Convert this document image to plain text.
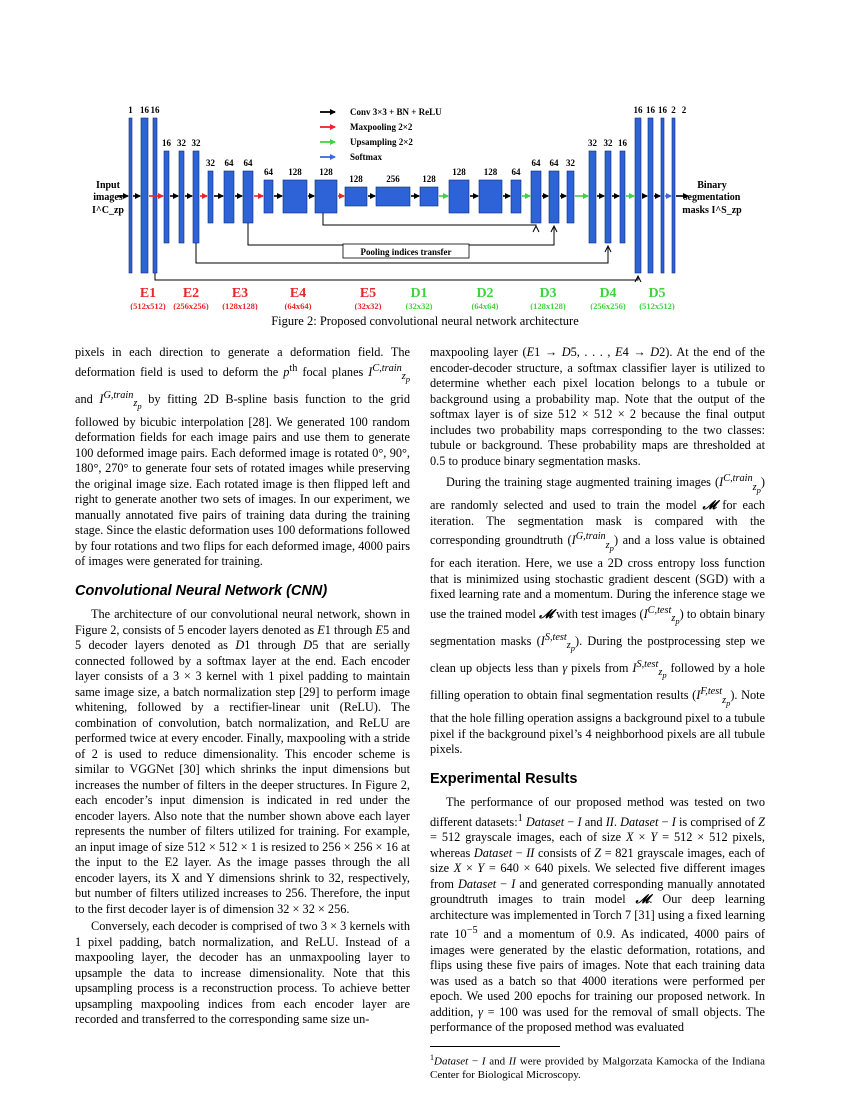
1 16 16
16 32 32
32 64 64
64 128 128
128	256	128
128 128 64
64 64 32
32 32 16
16 16 16 2 2
Conv 3×3 + BN + ReLU
Maxpooling 2×2
Upsampling 2×2
Softmax
Input
images
I^C_zp
Binary
segmentation
masks I^S_zp
Pooling indices transfer
E1
(512x512)
E2
(256x256)
E3
(128x128)
E4
(64x64)
E5
(32x32)
D1
(32x32)
D2
(64x64)
D3
(128x128)
D4
(256x256)
D5
(512x512)
Figure 2: Proposed convolutional neural network architecture

pixels in each direction to generate a deformation field. The deformation field is used to deform the $p^{th}$ focal planes $I^{C,train}_{z_p}$ and $I^{G,train}_{z_p}$ by fitting 2D B-spline basis function to the grid followed by bicubic interpolation [28]. We generated 100 random deformation fields for each image pairs and use them to generate 100 deformed image pairs. Each deformed image is rotated 0°, 90°, 180°, 270° to generate four sets of rotated images while preserving the original image size. Each rotated image is then flipped left and right to generate another two sets of images. In our experiment, we manually annotated five pairs of training data during the training stage. Since the elastic deformation uses 100 deformations followed by four rotations and two flips for each deformed image, 4000 pairs of images were generated for training.

Convolutional Neural Network (CNN)

The architecture of our convolutional neural network, shown in Figure 2, consists of 5 encoder layers denoted as E1 through E5 and 5 decoder layers denoted as D1 through D5 that are serially connected followed by a softmax layer at the end. Each encoder layer consists of a 3 × 3 kernel with 1 pixel padding to maintain same image size, a batch normalization step [29] to perform image whitening, followed by a rectifier-linear unit (ReLU). The combination of convolution, batch normalization, and ReLU are performed twice at every encoder. Finally, maxpooling with a stride of 2 is used to reduce dimensionality. This encoder scheme is similar to VGGNet [30] which shrinks the input dimensions but increases the number of filters in the deeper structures. In Figure 2, each encoder’s input dimension is indicated in red under the encoder layers. Also note that the number shown above each layer represents the number of filters utilized for training. For example, an input image of size 512 × 512 × 1 is resized to 256 × 256 × 16 at the input to the E2 layer. As the image passes through the all encoder layers, its X and Y dimensions shrink to 32, respectively, but number of filters utilized increases to 256. Therefore, the input to the first decoder layer is of dimension 32 × 32 × 256.

Conversely, each decoder is comprised of two 3 × 3 kernels with 1 pixel padding, batch normalization, and ReLU. Instead of a maxpooling layer, the decoder has an unmaxpooling layer to upsample the data to increase dimensionality. Note that this upsampling process is a reconstruction process. To achieve better upsampling maxpooling indices from each encoder layer are recorded and transferred to the corresponding same size un-

maxpooling layer (E1 → D5, . . . , E4 → D2). At the end of the encoder-decoder structure, a softmax classifier layer is utilized to determine whether each pixel location belongs to a tubule or background using a probability map. Note that the output of the softmax layer is of size 512 × 512 × 2 because the final output includes two probability maps corresponding to the two classes: tubule or background. These probability maps are thresholded at 0.5 to produce binary segmentation masks.

During the training stage augmented training images $(I^{C,train}_{z_p})$ are randomly selected and used to train the model 𝓜 for each iteration. The segmentation mask is compared with the corresponding groundtruth $(I^{G,train}_{z_p})$ and a loss value is obtained for each iteration. Here, we use a 2D cross entropy loss function that is minimized using stochastic gradient descent (SGD) with a fixed learning rate and a momentum. During the inference stage we use the trained model 𝓜 with test images $(I^{C,test}_{z_p})$ to obtain binary segmentation masks $(I^{S,test}_{z_p})$. During the postprocessing step we clean up objects less than γ pixels from $I^{S,test}_{z_p}$ followed by a hole filling operation to obtain final segmentation results $(I^{F,test}_{z_p})$. Note that the hole filling operation assigns a background pixel to a tubule pixel if the background pixel’s 4 neighborhood pixels are all tubule pixels.

Experimental Results

The performance of our proposed method was tested on two different datasets:$^1$ Dataset − I and II. Dataset − I is comprised of Z = 512 grayscale images, each of size X × Y = 512 × 512 pixels, whereas Dataset − II consists of Z = 821 grayscale images, each of size X × Y = 640 × 640 pixels. We selected five different images from Dataset − I and generated corresponding manually annotated groundtruth images to train model 𝓜. Our deep learning architecture was implemented in Torch 7 [31] using a fixed learning rate $10^{-5}$ and a momentum of 0.9. As indicated, 4000 pairs of images were generated by the elastic deformation, rotations, and flips using these five pairs of images. Note that each training data was used as a batch so that 4000 iterations were performed per epoch. We used 200 epochs for training our proposed network. In addition, γ = 100 was used for the removal of small objects. The performance of the proposed method was evaluated

$^1$Dataset − I and II were provided by Malgorzata Kamocka of the Indiana Center for Biological Microscopy.
